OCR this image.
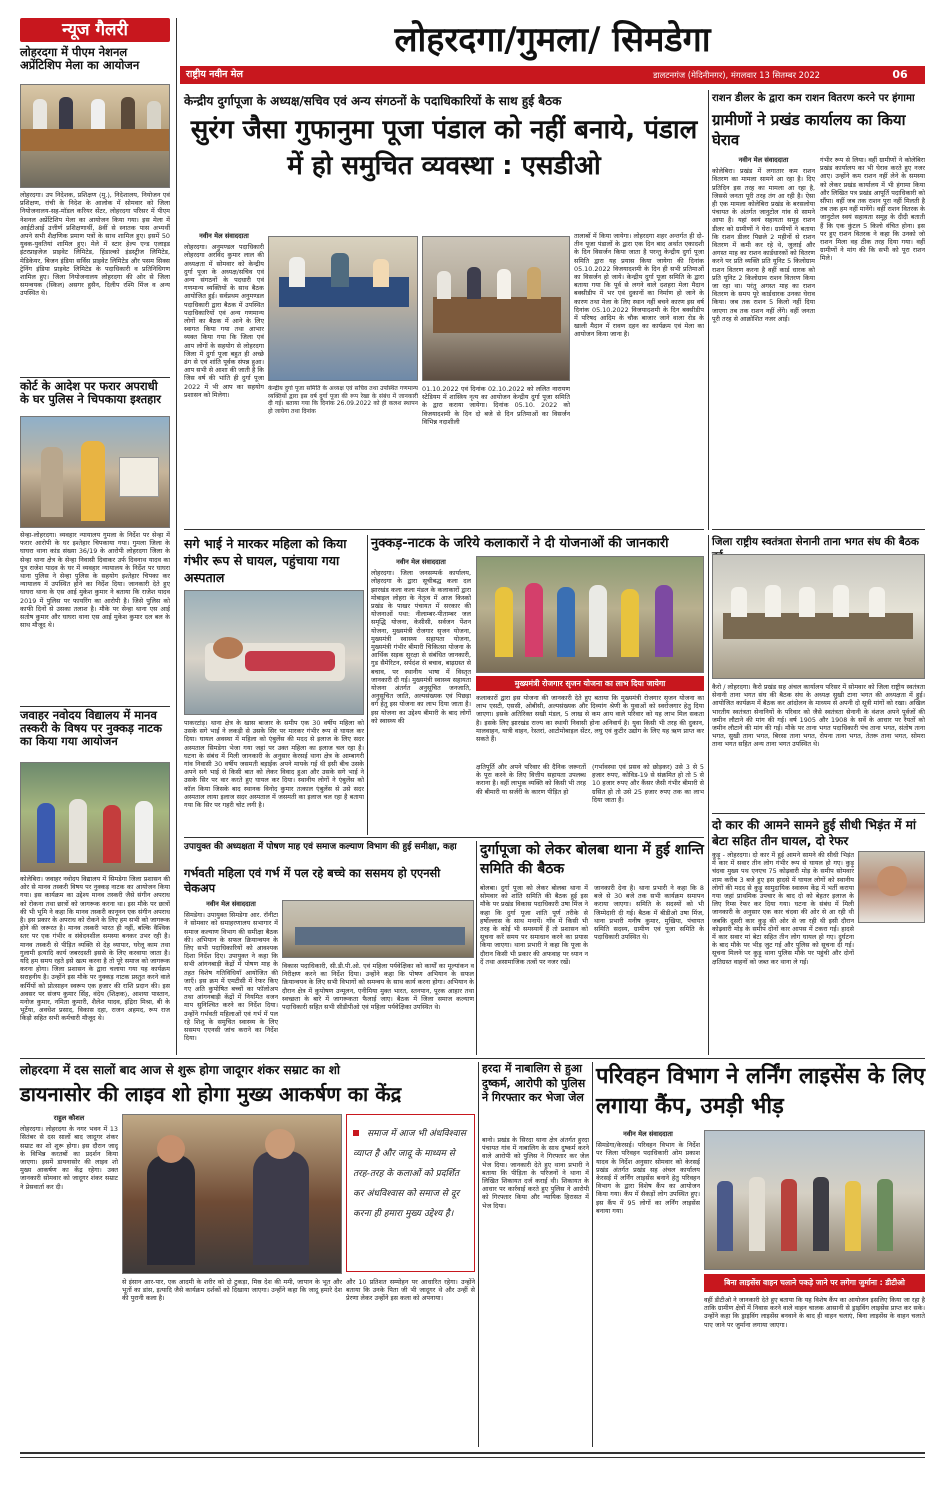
न्यूज गैलरी
लोहरदगा में पीएम नेशनल अप्रेंटिशिप मेला का आयोजन
लोहरदगा। उप निदेशक, प्रशिक्षण (मु.), निदेशालय, नियोजन एवं प्रशिक्षण, रांची के निदेश के आलोक में सोमवार को जिला नियोजनालय-सह-मॉडल करियर सेंटर, लोहरदगा परिसर में पीएम नेशनल अप्रेंटिशिप मेला का आयोजन किया गया। इस मेला में आईटीआई उत्तीर्ण प्रशिक्षणार्थी, 8वीं से स्नातक पास अभ्यर्थी अपने सभी शैक्षणिक प्रमाण पत्रों के साथ शामिल हुए। इसमें 50 युवक-युवतियां शामिल हुए। मेले में स्टार हेल्प एन्ड एलाइड इंटरप्राइजेज प्राइवेट लिमिटेड, हिंडाल्को इंडस्ट्रीज लिमिटेड, मेडिकेयर, बिजन इंडिया सर्विस प्राइवेट लिमिटेड और पसम सिक्स ट्रेनिंग इंडिया प्राइवेट लिमिटेड के पदाधिकारी व प्रतिनिधिगण शामिल हुए। जिला नियोजनालय लोहरदगा की ओर से जिला समन्वयक (स्किल) असगर हुसैन, दिलीप रश्मि मिंज व अन्य उपस्थित थे।
कोर्ट के आदेश पर फरार अपराधी के घर पुलिस ने चिपकाया इश्तहार
सेन्हा-लोहरदगा। व्यवहार न्यायालय गुमला के निर्देश पर सेन्हा में फरार आरोपी के घर इश्तेहार चिपकाया गया। गुमला जिला के घाघरा थाना कांड संख्या 36/19 के आरोपी लोहरदगा जिला के सेन्हा थाना क्षेत्र के सेन्हा निवासी दिवाकर उर्फ दिवनाथ यादव का पुत्र राजेश यादव के घर में व्यवहार न्यायालय के निर्देश पर घाघरा थाना पुलिस ने सेन्हा पुलिस के सहयोग इश्तेहार चिपका कर न्यायालय में उपस्थित होने का निर्देश दिया। जानकारी देते हुए घाघरा थाना के एस आई मुकेश कुमार ने बताया कि राजेश यादव 2019 में पुलिस पर फायरिंग का आरोपी है। जिसे पुलिस को काफी दिनों से उसका तलाश है। मौके पर सेन्हा थाना एस आई सतोष कुमार और घाघरा थाना एस आई मुकेश कुमार दल बल के साथ मौजूद थे।
जवाहर नवोदय विद्यालय में मानव तस्करी के विषय पर नुक्कड़ नाटक का किया गया आयोजन
कोलेबिरा। जवाहर नवोदय विद्यालय में सिमडेगा जिला प्रशासन की ओर से मानव तस्करी विषय पर नुक्कड़ नाटक का आयोजन किया गया। इस कार्यक्रम का उद्देश्य मानव तस्करी जैसे संगीन अपराध को रोकना तथा छात्रों को जागरूक करना था। इस मौके पर छात्रों की भी भूमि ने कहा कि मानव तस्करी कानूनन एक संगीन अपराध है। इस प्रकार के अपराध को रोकने के लिए हम सभी को जागरूक होने की जरूरत है। मानव तस्करी भारत ही नहीं, बल्कि वैश्विक स्तर पर एक गंभीर व संवेदनशील समस्या बनकर उभर रही है। मानव तस्करी से पीड़ित व्यक्ति से देह व्यापार, घरेलू काम तथा गुलामी इत्यादि कार्य जबरदस्ती इससे के लिए करवाया जाता है। यदि हम समय रहते इसे खत्म करना है तो पूरे समाज को जागरूक करना होगा। जिला प्रशासन के द्वारा चलाया गया यह कार्यक्रम सराहनीय है। उन्होंने इस मौके पर नुक्कड़ नाटक प्रस्तुत करने वाले कर्मियों को प्रोत्साहन स्वरूप एक हजार की राशि प्रदान की। इस अवसर पर संजय कुमार सिंह, वंदेय (शिक्षक), आशया पास्तान, मनोज कुमार, नमिता कुमारी, शैलेश यादव, इंद्रिरा मिश्रा, बी के भूर्टेया, अवधेश प्रसाद, विकास दहा, राजन अहमद, रूप राज किड़ो सहित सभी कर्मचारी मौजूद थे।
लोहरदगा/गुमला/ सिमडेगा
राष्ट्रीय नवीन मेल	डालटनगंज (मेदिनीनगर), मंगलवार 13 सितम्बर 2022	06
केन्द्रीय दुर्गापूजा के अध्यक्ष/सचिव एवं अन्य संगठनों के पदाधिकारियों के साथ हुई बैठक
सुरंग जैसा गुफानुमा पूजा पंडाल को नहीं बनाये, पंडाल में हो समुचित व्यवस्था : एसडीओ
नवीन मेल संवाददाता
लोहरदगा। अनुमण्डल पदाधिकारी लोहरदगा अरविंद कुमार लाल की अध्यक्षता में सोमवार को केन्द्रीय दुर्गा पूजा के अध्यक्ष/सचिव एवं अन्य संगठनों के पदधारी एवं गणमान्य व्यक्तियों के साथ बैठक आयोजित हुई। सर्वप्रथम अनुमण्डल पदाधिकारी द्वारा बैठक में उपस्थित पदाधिकारियों एवं अन्य गणमान्य लोगों का बैठक में आने के लिए स्वागत किया गया तथा आभार व्यक्त किया गया कि जिला एवं आप लोगों के सहयोग से लोहरदगा जिला में दुर्गा पूजा बहुत ही अच्छे ढंग से एवं शांति पूर्वक संपन्न हुआ। आप सभी से आशा की जाती है कि जिस वर्ष की भांति ही दुर्गा पूजा 2022 में भी आप का सहयोग प्रशासन को मिलेगा।
केन्द्रीय दुर्गा पूजा समिति के अध्यक्ष एवं सचिव तथा उपस्थित गणमान्य व्यक्तियों द्वारा इस वर्ष दुर्गा पूजा की रूप रेखा के संबंध में जानकारी दी गई। बताया गया कि दिनांक 26.09.2022 को ही कलश स्थापन हो जायेगा तथा दिनांक
01.10.2022 एवं दिनांक 02.10.2022 को ललित नारायण स्टेडियम में शास्त्रिय नृत्य का आयोजन केन्द्रीय दुर्गा पूजा समिति के द्वारा कराया जायेगा। दिनांक 05.10. 2022 को विजयादशमी के दिन दो बजे से दिन प्रतिमाओं का विसर्जन विभिन्न नदाशीली
तालाबों में किया जायेगा। लोहरदगा शहर अन्तर्गत ही दो-तीन पूजा पंडालों के द्वारा एक दिन बाद अर्थात एकादशी के दिन विसर्जन किया जाता है परन्तु केन्द्रीय दुर्गा पूजा समिति द्वारा यह प्रयास किया जायेगा की दिनांक 05.10.2022 विजयादशमी के दिन ही सभी प्रतिमाओं का विसर्जन हो जाये। केन्द्रीय दुर्गा पूजा समिति के द्वारा बताया गया कि पूर्व से लगने वाले दशहरा मेला मैदान बक्सीडीप में भर एवं दुकानों का निर्माण हो जाने के कारण तथा मेला के लिए स्थान नहीं बचने कारण इस वर्ष दिनांक 05.10.2022 विजयादशमी के दिन बक्सीडीप में परिषद आदिम के चौक बाजार जाने वाला रोड के खाली मैदान में रावण दहन का कार्यक्रम एवं मेला का आयोजन किया जाना है।
राशन डीलर के द्वारा कम राशन वितरण करने पर हंगामा
ग्रामीणों ने प्रखंड कार्यालय का किया घेराव
नवीन मेल संवाददाता
कोलेबिरा। प्रखंड में लगातार कम राशन वितरण का मामला सामने आ रहा है। दिए प्रतिदिन इस तरह का मामला आ रहा है, जिससे जनता पूरी तरह तंग आ रही है। ऐसा ही एक मामला कोलेबिरा प्रखंड के बरसलोया पंचायत के अंतर्गत जानुटोल गांव से सामने आया है। यहां स्वयं सहायता समूह राशन डीलर को ग्रामीणों ने घेरा। ग्रामीणों ने बताया कि राशन डीलर पिछले 2 महीनों से राशन वितरण में कमी कर रहे थे, जुलाई और अगस्त माह का राशन कार्डधारकों को वितरण करने पर प्रति व्यक्ति प्रति यूनिट 5 किलोग्राम राशन वितरण करना है वहीं कार्ड धारक को प्रति यूनिट 2 किलोग्राम राशन वितरण किया जा रहा था। परंतु अगस्त माह का राशन वितरण के समय पूरे कार्डधारक उनका घेराव किया। जब तक राशन 5 किलो नहीं दिया जाएगा तब तक राशन नहीं लेंगे। वहीं जनता पूरी तरह से आक्रोशित नजर आई।
गंभीर रूप से लिया। वहीं ग्रामीणों ने कोलेबिरा प्रखंड कार्यालय का भी घेराव करते हुए नजर आए। उन्होंने कम राशन नहीं लेने के समस्या को लेकर प्रखंड कार्यालय में भी हंगामा किया और लिखित पत्र प्रखंड आपूर्ति पदाधिकारी को सौंपा। वहीं जब तक राशन पूरा नहीं मिलती है तब तक हम नहीं मानेंगे। वहीं राशन वितरक के जानुटोल स्वयं सहायता समूह के दीदी बताती हैं कि एक कुंटल 5 किलो वंचित होना। इस पर हुए राशन वितरक ने कहा कि उनको जो राशन मिला वह ठीक तरह दिया गया। वहीं ग्रामीणों ने मांग की कि सभी को पूरा राशन मिले।
सगे भाई ने मारकर महिला को किया गंभीर रूप से घायल, पहुंचाया गया अस्पताल
पाकरटांड़। थाना क्षेत्र के खास बाजार के समीप एक 30 वर्षीय महिला को उसके सगे भाई ने लकड़ी से उसके सिर पर मारकर गंभीर रूप से घायल कर दिया। घायल अवस्था में महिला को एंबुलेंस की मदद से इलाज के लिए सदर अस्पताल सिमडेगा भेजा गया जहां पर उक्त महिला का इलाज चल रहा है। घटना के संबंध में मिली जानकारी के अनुसार केरसई थाना क्षेत्र के आम्बागरी गांव निवासी 30 वर्षीय जसमती बड़ाईक अपने मायके गई थी इसी बीच उसके अपने सगे भाई से किसी बात को लेकर विवाद हुआ और उसके सगे भाई ने उसके सिर पर वार करते हुए घायल कर दिया। स्थानीय लोगों ने एंबुलेंस को कॉल किया जिसके बाद स्थानक विनोद कुमार तत्काल एंबुलेंस से उसे सदर अस्पताल लाया इलाज सदर अस्पताल में जसमती का इलाज चल रहा है बताया गया कि सिर पर गहरी चोट लगी है।
नुक्कड़-नाटक के जरिये कलाकारों ने दी योजनाओं की जानकारी
नवीन मेल संवाददाता
लोहरदगा। जिला जनसम्पर्क कार्यालय, लोहरदगा के द्वारा सूचीबद्ध कला दल झारखंड कला कला मंडल के कलाकारों द्वारा मोबाइल लोहरा के नेतृत्व में आज किस्को प्रखंड के पाखर पंचायत में सरकार की योजनाओं यथा: नीलाम्बर-पीताम्बर जल समृद्धि योजना, केसीसी, सर्वजन पेंशन योजना, मुख्यमंत्री रोजगार सृजन योजना, मुख्यमंत्री स्वास्थ्य सहायता योजना, मुख्यमंत्री गंभीर बीमारी चिकित्सा योजना के आर्थिक सड़क सुरक्षा से संबंधित जानकारी, गुड सैमेरिटन, सर्पदंश से बचाव, बाढ़ग्रस्त से बचाव, पर स्थानीय भाषा में विस्तृत जानकारी दी गई। मुख्यमंत्री स्वास्थ्य सहायता योजना अंतर्गत अनुसूचित जनजाति, अनुसूचित जाति, अल्पसंख्यक एवं पिछड़ा वर्ग हेतु इस योजना का लाभ दिया जाता है। इस योजना का उद्देश्य बीमारी के बाद लोगों को स्वास्थ्य की
मुख्यमंत्री रोजगार सृजन योजना का लाभ दिया जायेगा
कलाकारों द्वारा इस योजना की जानकारी देते हुए बताया कि मुख्यमंत्री रोजगार सृजन योजना का लाभ एसटी, एससी, ओबीसी, अल्पसंख्यक और दिव्यांग श्रेणी के युवाओं को स्वरोजगार हेतु दिया जाएगा। इसके अतिरिक्त सखी मंडल, 5 लाख से कम आय वाले परिवार को यह लाभ मिल सकता है। इसके लिए झारखंड राज्य का स्थायी निवासी होना अनिवार्य है। युवा किसी भी तरह की दुकान, मालवाहन, यात्री वाहन, रेस्तरां, आटोमोबाइल सेंटर, लघु एवं कुटीर उद्योग के लिए यह ऋण प्राप्त कर सकते हैं।
क्षतिपूर्ति और अपने परिवार की दैनिक जरूरतों के पूरा करने के लिए वित्तीय सहायता उपलब्ध कराना है। वहीं लाभुक व्यक्ति को किसी भी तरह की बीमारी या सर्जरी के कारण पीड़ित हो
(गर्भावस्था एवं प्रसव को छोड़कर) उसे 3 से 5 हजार रुपए, कोविड-19 से संक्रमित हो तो 5 से 10 हजार रुपए और कैंसर जैसी गंभीर बीमारी से ग्रसित हो तो उसे 25 हजार रुपए तक का लाभ दिया जाता है।
जिला राष्ट्रीय स्वतंत्रता सेनानी ताना भगत संघ की बैठक
कैरो / लोहरदगा। कैरो प्रखंड सह अंचल कार्यालय परिसर में सोमवार को जिला राष्ट्रीय स्वतंत्रता सेनानी ताना भगत संघ की बैठक संघ के अध्यक्ष सुखी टाना भगत की अध्यक्षता में हुई। आयोजित कार्यक्रम में बैठक कर आंदोलन के माध्यम से अपनी दो सूत्री मांगों को रखा। अखिल भारतीय स्वतंत्रता सेनानियों के परिवार को जैसे स्वतंत्रता सेनानी के वंशज अपने पूर्वजों की जमीन लौटाने की मांग की गई। वर्ष 1905 और 1908 के सर्वे के आधार पर रैयतों को जमीन लौटाने की मांग की गई। मौके पर ताना भगत पदाधिकारी पंच ताना भगत, संतोष ताना भगत, सुखी ताना भगत, बिरसा ताना भगत, रोपना ताना भगत, तेतरू ताना भगत, सोमरा ताना भगत सहित अन्य ताना भगत उपस्थित थे।
दो कार की आमने सामने हुई सीधी भिड़ंत में मां बेटा सहित तीन घायल, दो रेफर
कुड़ू - लोहरदगा। दो कार में हुई आमने सामने की सीधी भिड़ंत में कार में सवार तीन लोग गंभीर रूप से घायल हो गए। कुड़ू चंदवा मुख्य पथ एनएच 75 कोढ़वारी मोड़ के समीप सोमवार शाम करीब 3 बजे हुए इस हादसे में घायल लोगों को स्थानीय लोगों की मदद से कुड़ू सामुदायिक स्वास्थ्य केंद्र में भर्ती कराया गया जहां प्राथमिक उपचार के बाद दो को बेहतर इलाज के लिए रिम्स रेफर कर दिया गया। घटना के संबंध में मिली जानकारी के अनुसार एक कार चंदवा की ओर से आ रही थी जबकि दूसरी कार कुड़ू की ओर से जा रही थी इसी दौरान कोढ़वारी मोड़ के समीप दोनों कार आपस में टकरा गई। हादसे में कार सवार मां बेटा सहित तीन लोग घायल हो गए। दुर्घटना के बाद मौके पर भीड़ जुट गई और पुलिस को सूचना दी गई। सूचना मिलने पर कुड़ू थाना पुलिस मौके पर पहुंची और दोनों क्षतिग्रस्त वाहनों को जब्त कर थाना ले गई।
उपायुक्त की अध्यक्षता में पोषण माह एवं समाज कल्याण विभाग की हुई समीक्षा, कहा
गर्भवती महिला एवं गर्भ में पल रहे बच्चे का ससमय हो एएनसी चेकअप
नवीन मेल संवाददाता
सिमडेगा। उपायुक्त सिमडेगा आर. रॉनीटा ने सोमवार को समाहरणालय सभागार में समाज कल्याण विभाग की समीक्षा बैठक की। अभियान के सफल क्रियान्वयन के लिए सभी पदाधिकारियों को आवश्यक दिशा निर्देश दिए। उपायुक्त ने कहा कि सभी आंगनबाड़ी केंद्रों में पोषण माह के तहत विशेष गतिविधियाँ आयोजित की जाएँ। इस क्रम में एमटीसी में रेफर किए गए अति कुपोषित बच्चों का फॉलोअप तथा आंगनबाड़ी केंद्रों में नियमित वजन माप सुनिश्चित करने का निर्देश दिया। उन्होंने गर्भवती महिलाओं एवं गर्भ में पल रहे शिशु के समुचित स्वास्थ्य के लिए ससमय एएनसी जांच कराने का निर्देश दिया।
विकास पदाधिकारी, सी.डी.पी.ओ. एवं महिला पर्यवेक्षिका को कार्यों का मूल्यांकन व निरीक्षण करने का निर्देश दिया। उन्होंने कहा कि पोषण अभियान के सफल क्रियान्वयन के लिए सभी विभागों को समन्वय के साथ कार्य करना होगा। अभियान के दौरान क्षेत्र में कुपोषण उन्मूलन, एनीमिया मुक्त भारत, स्तनपान, पूरक आहार तथा स्वच्छता के बारे में जागरूकता फैलाई जाए। बैठक में जिला समाज कल्याण पदाधिकारी सहित सभी सीडीपीओ एवं महिला पर्यवेक्षिका उपस्थित थे।
दुर्गापूजा को लेकर बोलबा थाना में हुई शान्ति समिति की बैठक
बोलबा। दुर्गा पूजा को लेकर बोलबा थाना में सोमवार को शांति समिति की बैठक हुई इस मौके पर प्रखंड विकास पदाधिकारी उषा मिंज ने कहा कि दुर्गा पूजा शांति पूर्ण तरीके से हर्षोल्लास के साथ मनायें। गाँव में किसी भी तरह के कोई भी समस्यायें हैं तो प्रशासन को सूचना करें समय पर समाधान करने का प्रयास किया जाएगा। थाना प्रभारी ने कहा कि पूजा के दौरान किसी भी प्रकार की अफवाह पर ध्यान न दें तथा असामाजिक तत्वों पर नजर रखें।
जानकारी देना है। थाना प्रभारी ने कहा कि 8 बजे से 30 बजे तक सभी कार्यक्रम समापन कराया जाएगा। समिति के सदस्यों को भी जिम्मेदारी दी गई। बैठक में बीडीओ उषा मिंज, थाना प्रभारी मनीष कुमार, मुखिया, पंचायत समिति सदस्य, ग्रामीण एवं पूजा समिति के पदाधिकारी उपस्थित थे।
लोहरदगा में दस सालों बाद आज से शुरू होगा जादूगर शंकर सम्राट का शो
डायनासोर की लाइव शो होगा मुख्य आकर्षण का केंद्र
राहुल कौशल
लोहरदगा। लोहरदगा के नगर भवन में 13 सितंबर से दस सालों बाद जादूगर शंकर सम्राट का शो शुरू होगा। इस दौरान जादू के विभिन्न करतबों का प्रदर्शन किया जाएगा। इसमें डायनासोर की लाइव शो मुख्य आकर्षण का केंद्र रहेगा। उक्त जानकारी सोमवार को जादूगर शंकर सम्राट ने प्रेसवार्ता कर दी।
समाज में आज भी अंधविश्वास व्याप्त है और जादू के माध्यम से तरह-तरह के कलाओं को प्रदर्शित कर अंधविश्वास को समाज से दूर करना ही हमारा मुख्य उद्देश्य है।
से इंसान आर-पार, एक आदमी के शरीर को दो टुकड़ा, मिस्र देश की ममी, जापान के भूत और भूतों का डांस, इत्यादि जैसे कार्यक्रम दर्शकों को दिखाया जाएगा। उन्होंने कहा कि जादू हमारे देश की पुरानी कला है।
और 10 प्रतिशत सम्मोहन पर आधारित रहेगा। उन्होंने बताया कि उनके पिता जी भी जादूगर थे और उन्हीं से प्रेरणा लेकर उन्होंने इस कला को अपनाया।
हरदा में नाबालिग से हुआ दुष्कर्म, आरोपी को पुलिस ने गिरफ्तार कर भेजा जेल
बानो। प्रखंड के सिरदा थाना क्षेत्र अंतर्गत हुरदा पंचायत गांव में नाबालिग के साथ दुष्कर्म करने वाले आरोपी को पुलिस ने गिरफ्तार कर जेल भेज दिया। जानकारी देते हुए थाना प्रभारी ने बताया कि पीड़िता के परिजनों ने थाना में लिखित शिकायत दर्ज कराई थी। शिकायत के आधार पर कार्रवाई करते हुए पुलिस ने आरोपी को गिरफ्तार किया और न्यायिक हिरासत में भेज दिया।
परिवहन विभाग ने लर्निंग लाइसेंस के लिए लगाया कैंप, उमड़ी भीड़
नवीन मेल संवाददाता
सिमडेगा/केरसई। परिवहन विभाग के निर्देश पर जिला परिवहन पदाधिकारी ओम प्रकाश यादव के निर्देश अनुसार सोमवार को केरसई प्रखंड अंतर्गत प्रखंड सह अंचल कार्यालय केरसई में लर्निंग लाइसेंस बनाने हेतु परिवहन विभाग के द्वारा विशेष कैंप का आयोजन किया गया। कैंप में सैकड़ों लोग उपस्थित हुए। इस कैंप में 95 लोगों का लर्निंग लाइसेंस बनाया गया।
बिना लाइसेंस वाहन चलाने पकड़े जाने पर लगेगा जुर्माना : डीटीओ
वहीं डीटीओ ने जानकारी देते हुए बताया कि यह विशेष कैंप का आयोजन इसलिए किया जा रहा है ताकि ग्रामीण क्षेत्रों में निवास करने वाले वाहन चालक आसानी से ड्राइविंग लाइसेंस प्राप्त कर सके। उन्होंने कहा कि ड्राइविंग लाइसेंस बनवाने के बाद ही वाहन चलाएं, बिना लाइसेंस के वाहन चलाते पाए जाने पर जुर्माना लगाया जाएगा।
